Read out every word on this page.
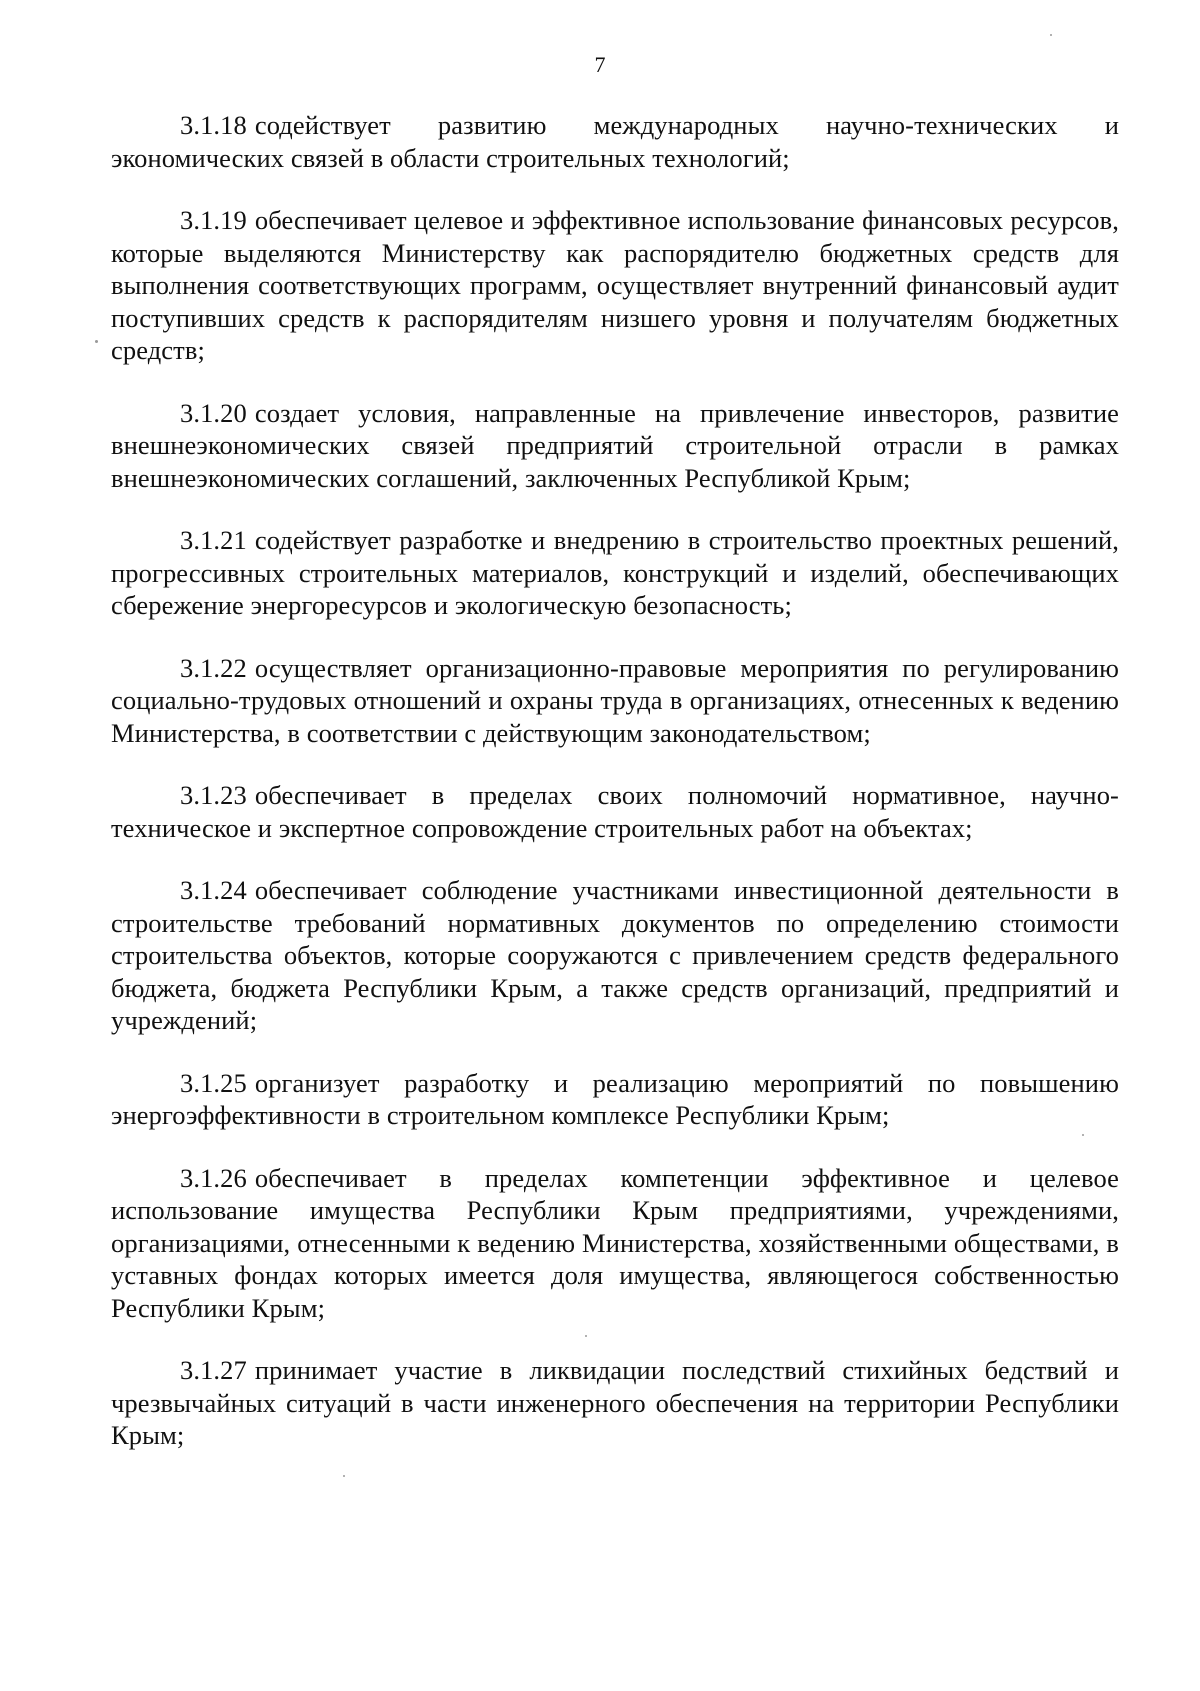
7

3.1.18 содействует развитию международных научно-технических и экономических связей в области строительных технологий;

3.1.19 обеспечивает целевое и эффективное использование финансовых ресурсов, которые выделяются Министерству как распорядителю бюджетных средств для выполнения соответствующих программ, осуществляет внутренний финансовый аудит поступивших средств к распорядителям низшего уровня и получателям бюджетных средств;

3.1.20 создает условия, направленные на привлечение инвесторов, развитие внешнеэкономических связей предприятий строительной отрасли в рамках внешнеэкономических соглашений, заключенных Республикой Крым;

3.1.21 содействует разработке и внедрению в строительство проектных решений, прогрессивных строительных материалов, конструкций и изделий, обеспечивающих сбережение энергоресурсов и экологическую безопасность;

3.1.22 осуществляет организационно-правовые мероприятия по регулированию социально-трудовых отношений и охраны труда в организациях, отнесенных к ведению Министерства, в соответствии с действующим законодательством;

3.1.23 обеспечивает в пределах своих полномочий нормативное, научно-техническое и экспертное сопровождение строительных работ на объектах;

3.1.24 обеспечивает соблюдение участниками инвестиционной деятельности в строительстве требований нормативных документов по определению стоимости строительства объектов, которые сооружаются с привлечением средств федерального бюджета, бюджета Республики Крым, а также средств организаций, предприятий и учреждений;

3.1.25 организует разработку и реализацию мероприятий по повышению энергоэффективности в строительном комплексе Республики Крым;

3.1.26 обеспечивает в пределах компетенции эффективное и целевое использование имущества Республики Крым предприятиями, учреждениями, организациями, отнесенными к ведению Министерства, хозяйственными обществами, в уставных фондах которых имеется доля имущества, являющегося собственностью Республики Крым;

3.1.27 принимает участие в ликвидации последствий стихийных бедствий и чрезвычайных ситуаций в части инженерного обеспечения на территории Республики Крым;
